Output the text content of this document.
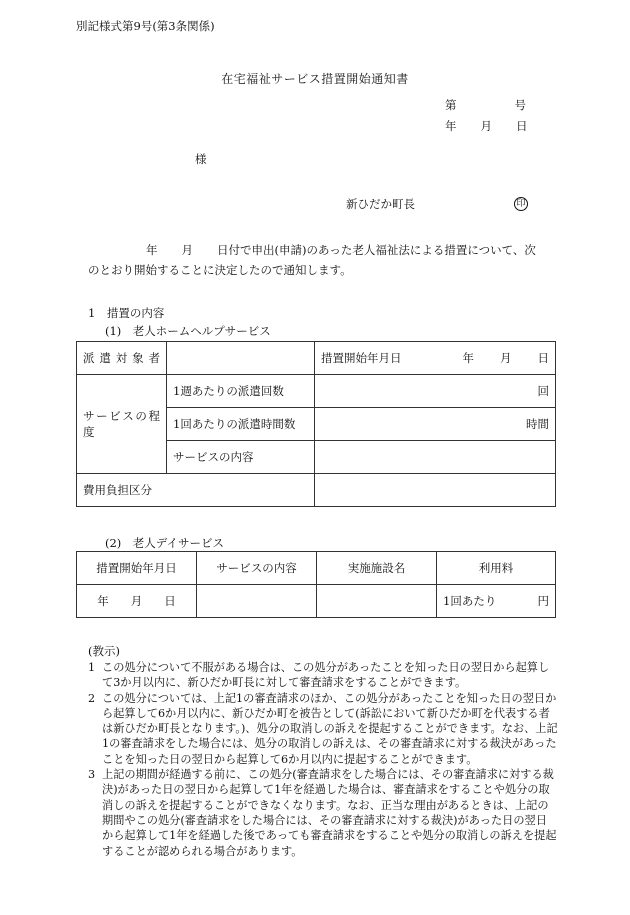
別記様式第9号(第3条関係)
在宅福祉サービス措置開始通知書
第	号
年 月 日
様
新ひだか町長	印
年 月 日付で申出(申請)のあった老人福祉法による措置について、次
のとおり開始することに決定したので通知します。
1　措置の内容
(1)　老人ホームヘルプサービス
派遣対象者		措置開始年月日	年 月 日
サービスの程度	1週あたりの派遣回数	回	
	1回あたりの派遣時間数	時間	
	サービスの内容		
費用負担区分			
(2)　老人デイサービス
措置開始年月日	サービスの内容	実施施設名	利用料
年 月 日			1回あたり 円
(教示)
1 この処分について不服がある場合は、この処分があったことを知った日の翌日から起算して3か月以内に、新ひだか町長に対して審査請求をすることができます。
2 この処分については、上記1の審査請求のほか、この処分があったことを知った日の翌日から起算して6か月以内に、新ひだか町を被告として(訴訟において新ひだか町を代表する者は新ひだか町長となります。)、処分の取消しの訴えを提起することができます。なお、上記1の審査請求をした場合には、処分の取消しの訴えは、その審査請求に対する裁決があったことを知った日の翌日から起算して6か月以内に提起することができます。
3 上記の期間が経過する前に、この処分(審査請求をした場合には、その審査請求に対する裁決)があった日の翌日から起算して1年を経過した場合は、審査請求をすることや処分の取消しの訴えを提起することができなくなります。なお、正当な理由があるときは、上記の期間やこの処分(審査請求をした場合には、その審査請求に対する裁決)があった日の翌日から起算して1年を経過した後であっても審査請求をすることや処分の取消しの訴えを提起することが認められる場合があります。
